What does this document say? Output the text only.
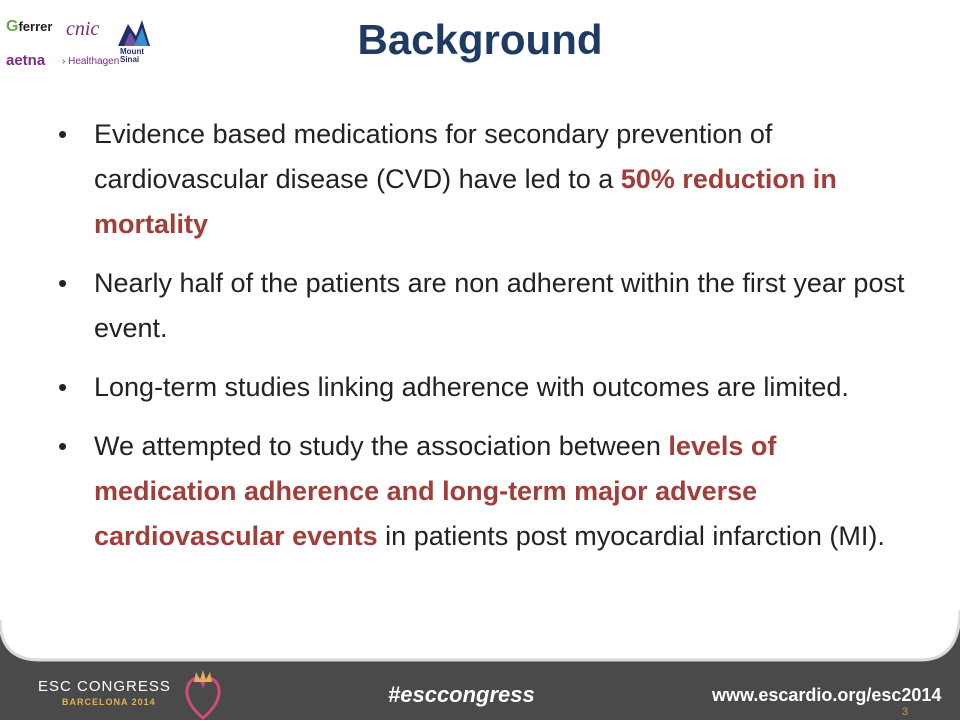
Gferrer cnic
aetna › Healthagen
Mount
Sinai	Background
• Evidence based medications for secondary prevention of cardiovascular disease (CVD) have led to a 50% reduction in mortality
• Nearly half of the patients are non adherent within the first year post event.
• Long-term studies linking adherence with outcomes are limited.
• We attempted to study the association between levels of medication adherence and long-term major adverse cardiovascular events in patients post myocardial infarction (MI).
ESC CONGRESS
BARCELONA 2014	#esccongress	www.escardio.org/esc2014
3
